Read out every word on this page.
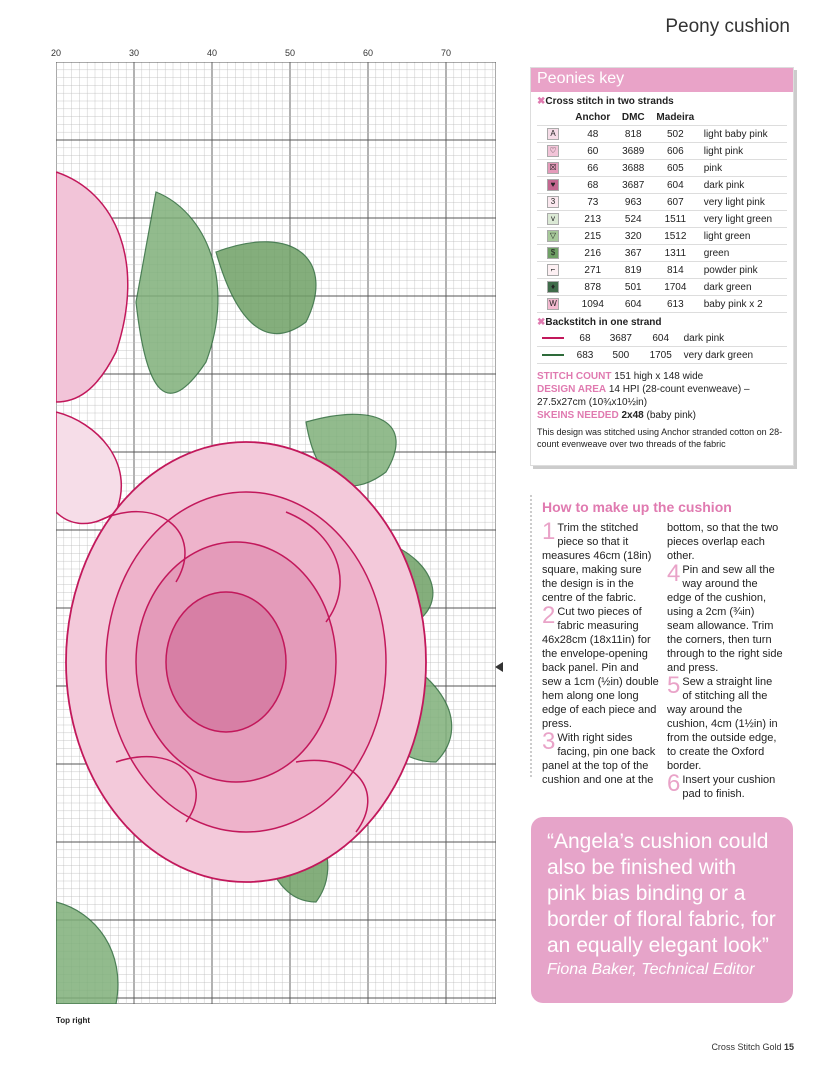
Peony cushion
20	30	40	50	60	70
Top right
Peonies key
✖Cross stitch in two strands
	Anchor	DMC	Madeira	
A	48	818	502	light baby pink
♡	60	3689	606	light pink
☒	66	3688	605	pink
♥	68	3687	604	dark pink
3	73	963	607	very light pink
v	213	524	1511	very light green
▽	215	320	1512	light green
$	216	367	1311	green
⌐	271	819	814	powder pink
♦	878	501	1704	dark green
W	1094	604	613	baby pink x 2
✖Backstitch in one strand
	68	3687	604	dark pink
	683	500	1705	very dark green
STITCH COUNT 151 high x 148 wide
DESIGN AREA 14 HPI (28-count evenweave) – 27.5x27cm (10¾x10½in)
SKEINS NEEDED 2x48 (baby pink)
This design was stitched using Anchor stranded cotton on 28-count evenweave over two threads of the fabric
How to make up the cushion

1 Trim the stitched piece so that it measures 46cm (18in) square, making sure the design is in the centre of the fabric.

2 Cut two pieces of fabric measuring 46x28cm (18x11in) for the envelope-opening back panel. Pin and sew a 1cm (½in) double hem along one long edge of each piece and press.

3 With right sides facing, pin one back panel at the top of the cushion and one at the

bottom, so that the two pieces overlap each other.

4 Pin and sew all the way around the edge of the cushion, using a 2cm (¾in) seam allowance. Trim the corners, then turn through to the right side and press.

5 Sew a straight line of stitching all the way around the cushion, 4cm (1½in) in from the outside edge, to create the Oxford border.

6 Insert your cushion pad to finish.

“Angela’s cushion could also be finished with pink bias binding or a border of floral fabric, for an equally elegant look”
Fiona Baker, Technical Editor
Cross Stitch Gold 15
